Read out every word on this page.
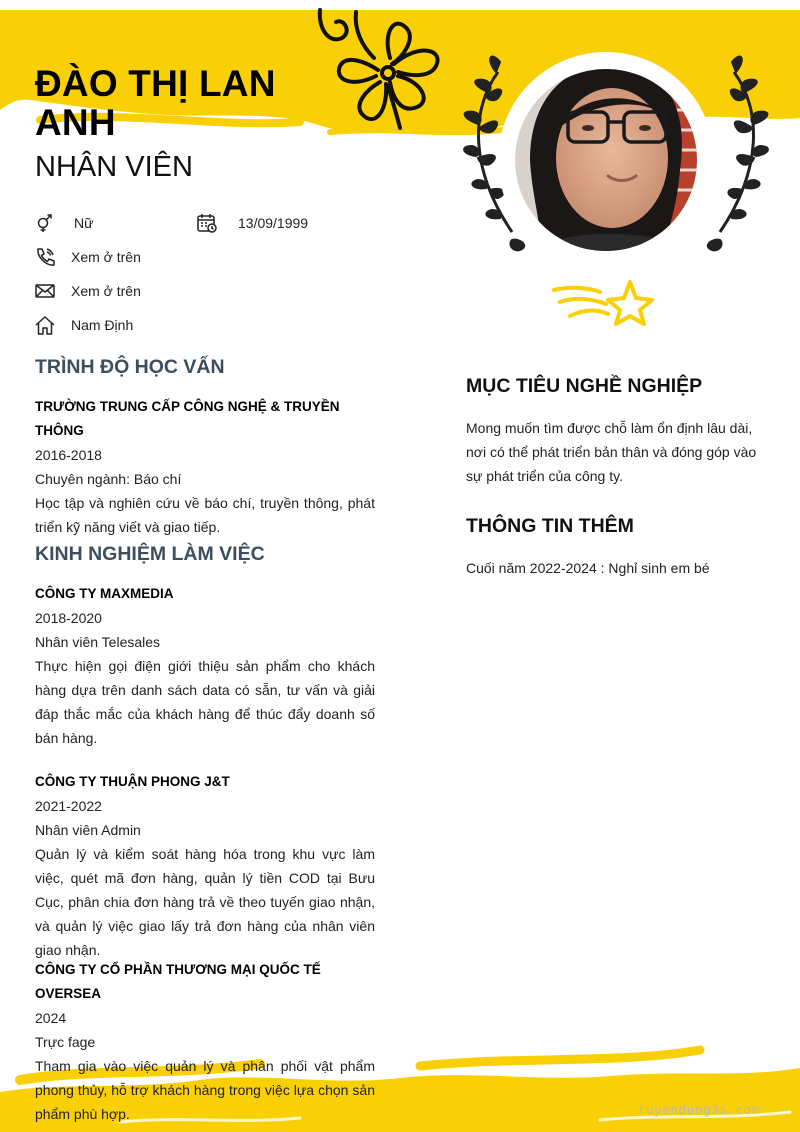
ĐÀO THỊ LAN ANH
NHÂN VIÊN
Nữ	13/09/1999
Xem ở trên
Xem ở trên
Nam Định
TRÌNH ĐỘ HỌC VẤN
TRƯỜNG TRUNG CẤP CÔNG NGHỆ & TRUYỀN THÔNG
2016-2018
Chuyên ngành: Báo chí
Học tập và nghiên cứu về báo chí, truyền thông, phát triển kỹ năng viết và giao tiếp.
KINH NGHIỆM LÀM VIỆC
CÔNG TY MAXMEDIA
2018-2020
Nhân viên Telesales
Thực hiện gọi điện giới thiệu sản phẩm cho khách hàng dựa trên danh sách data có sẵn, tư vấn và giải đáp thắc mắc của khách hàng để thúc đẩy doanh số bán hàng.
CÔNG TY THUẬN PHONG J&T
2021-2022
Nhân viên Admin
Quản lý và kiểm soát hàng hóa trong khu vực làm việc, quét mã đơn hàng, quản lý tiền COD tại Bưu Cục, phân chia đơn hàng trả về theo tuyến giao nhận, và quản lý việc giao lấy trả đơn hàng của nhân viên giao nhận.
CÔNG TY CỔ PHẦN THƯƠNG MẠI QUỐC TẾ OVERSEA
2024
Trực fage
Tham gia vào việc quản lý và phân phối vật phẩm phong thủy, hỗ trợ khách hàng trong việc lựa chọn sản phẩm phù hợp.
MỤC TIÊU NGHỀ NGHIỆP
Mong muốn tìm được chỗ làm ổn định lâu dài, nơi có thể phát triển bản thân và đóng góp vào sự phát triển của công ty.
THÔNG TIN THÊM
Cuối năm 2022-2024 : Nghỉ sinh em bé
tuyendung3s.com
